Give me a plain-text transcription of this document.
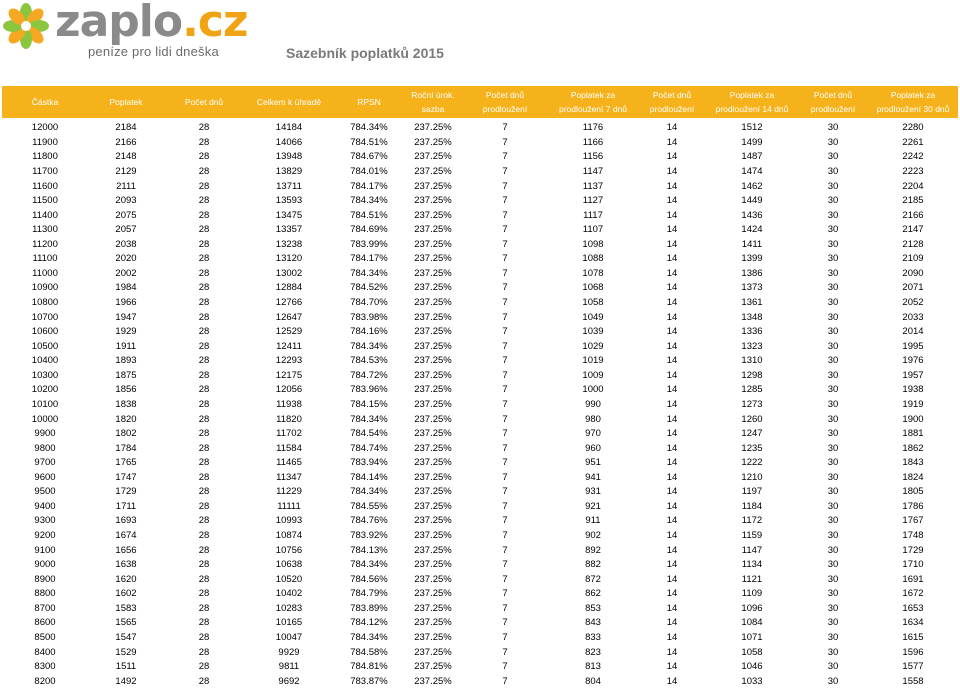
zaplo.cz
peníze pro lidi dneška	Sazebník poplatků 2015
Částka	Poplatek	Počet dnů	Celkem k úhradě	RPSN	Roční úrok. sazba	Počet dnů prodloužení	Poplatek za prodloužení 7 dnů	Počet dnů prodloužení	Poplatek za prodloužení 14 dnů	Počet dnů prodloužení	Poplatek za prodloužení 30 dnů

12000	2184	28	14184	784.34%	237.25%	7	1176	14	1512	30	2280
11900	2166	28	14066	784.51%	237.25%	7	1166	14	1499	30	2261
11800	2148	28	13948	784.67%	237.25%	7	1156	14	1487	30	2242
11700	2129	28	13829	784.01%	237.25%	7	1147	14	1474	30	2223
11600	2111	28	13711	784.17%	237.25%	7	1137	14	1462	30	2204
11500	2093	28	13593	784.34%	237.25%	7	1127	14	1449	30	2185
11400	2075	28	13475	784.51%	237.25%	7	1117	14	1436	30	2166
11300	2057	28	13357	784.69%	237.25%	7	1107	14	1424	30	2147
11200	2038	28	13238	783.99%	237.25%	7	1098	14	1411	30	2128
11100	2020	28	13120	784.17%	237.25%	7	1088	14	1399	30	2109
11000	2002	28	13002	784.34%	237.25%	7	1078	14	1386	30	2090
10900	1984	28	12884	784.52%	237.25%	7	1068	14	1373	30	2071
10800	1966	28	12766	784.70%	237.25%	7	1058	14	1361	30	2052
10700	1947	28	12647	783.98%	237.25%	7	1049	14	1348	30	2033
10600	1929	28	12529	784.16%	237.25%	7	1039	14	1336	30	2014
10500	1911	28	12411	784.34%	237.25%	7	1029	14	1323	30	1995
10400	1893	28	12293	784.53%	237.25%	7	1019	14	1310	30	1976
10300	1875	28	12175	784.72%	237.25%	7	1009	14	1298	30	1957
10200	1856	28	12056	783.96%	237.25%	7	1000	14	1285	30	1938
10100	1838	28	11938	784.15%	237.25%	7	990	14	1273	30	1919
10000	1820	28	11820	784.34%	237.25%	7	980	14	1260	30	1900
9900	1802	28	11702	784.54%	237.25%	7	970	14	1247	30	1881
9800	1784	28	11584	784.74%	237.25%	7	960	14	1235	30	1862
9700	1765	28	11465	783.94%	237.25%	7	951	14	1222	30	1843
9600	1747	28	11347	784.14%	237.25%	7	941	14	1210	30	1824
9500	1729	28	11229	784.34%	237.25%	7	931	14	1197	30	1805
9400	1711	28	11111	784.55%	237.25%	7	921	14	1184	30	1786
9300	1693	28	10993	784.76%	237.25%	7	911	14	1172	30	1767
9200	1674	28	10874	783.92%	237.25%	7	902	14	1159	30	1748
9100	1656	28	10756	784.13%	237.25%	7	892	14	1147	30	1729
9000	1638	28	10638	784.34%	237.25%	7	882	14	1134	30	1710
8900	1620	28	10520	784.56%	237.25%	7	872	14	1121	30	1691
8800	1602	28	10402	784.79%	237.25%	7	862	14	1109	30	1672
8700	1583	28	10283	783.89%	237.25%	7	853	14	1096	30	1653
8600	1565	28	10165	784.12%	237.25%	7	843	14	1084	30	1634
8500	1547	28	10047	784.34%	237.25%	7	833	14	1071	30	1615
8400	1529	28	9929	784.58%	237.25%	7	823	14	1058	30	1596
8300	1511	28	9811	784.81%	237.25%	7	813	14	1046	30	1577
8200	1492	28	9692	783.87%	237.25%	7	804	14	1033	30	1558
